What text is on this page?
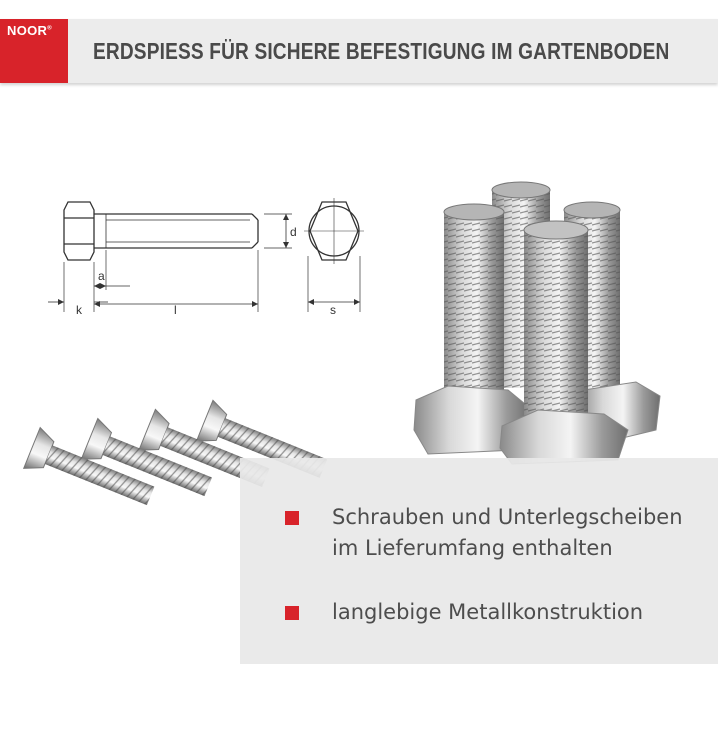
NOOR®
ERDSPIESS FÜR SICHERE BEFESTIGUNG IM GARTENBODEN
a
k	l
d
s
Schrauben und Unterlegscheiben
im Lieferumfang enthalten
langlebige Metallkonstruktion
